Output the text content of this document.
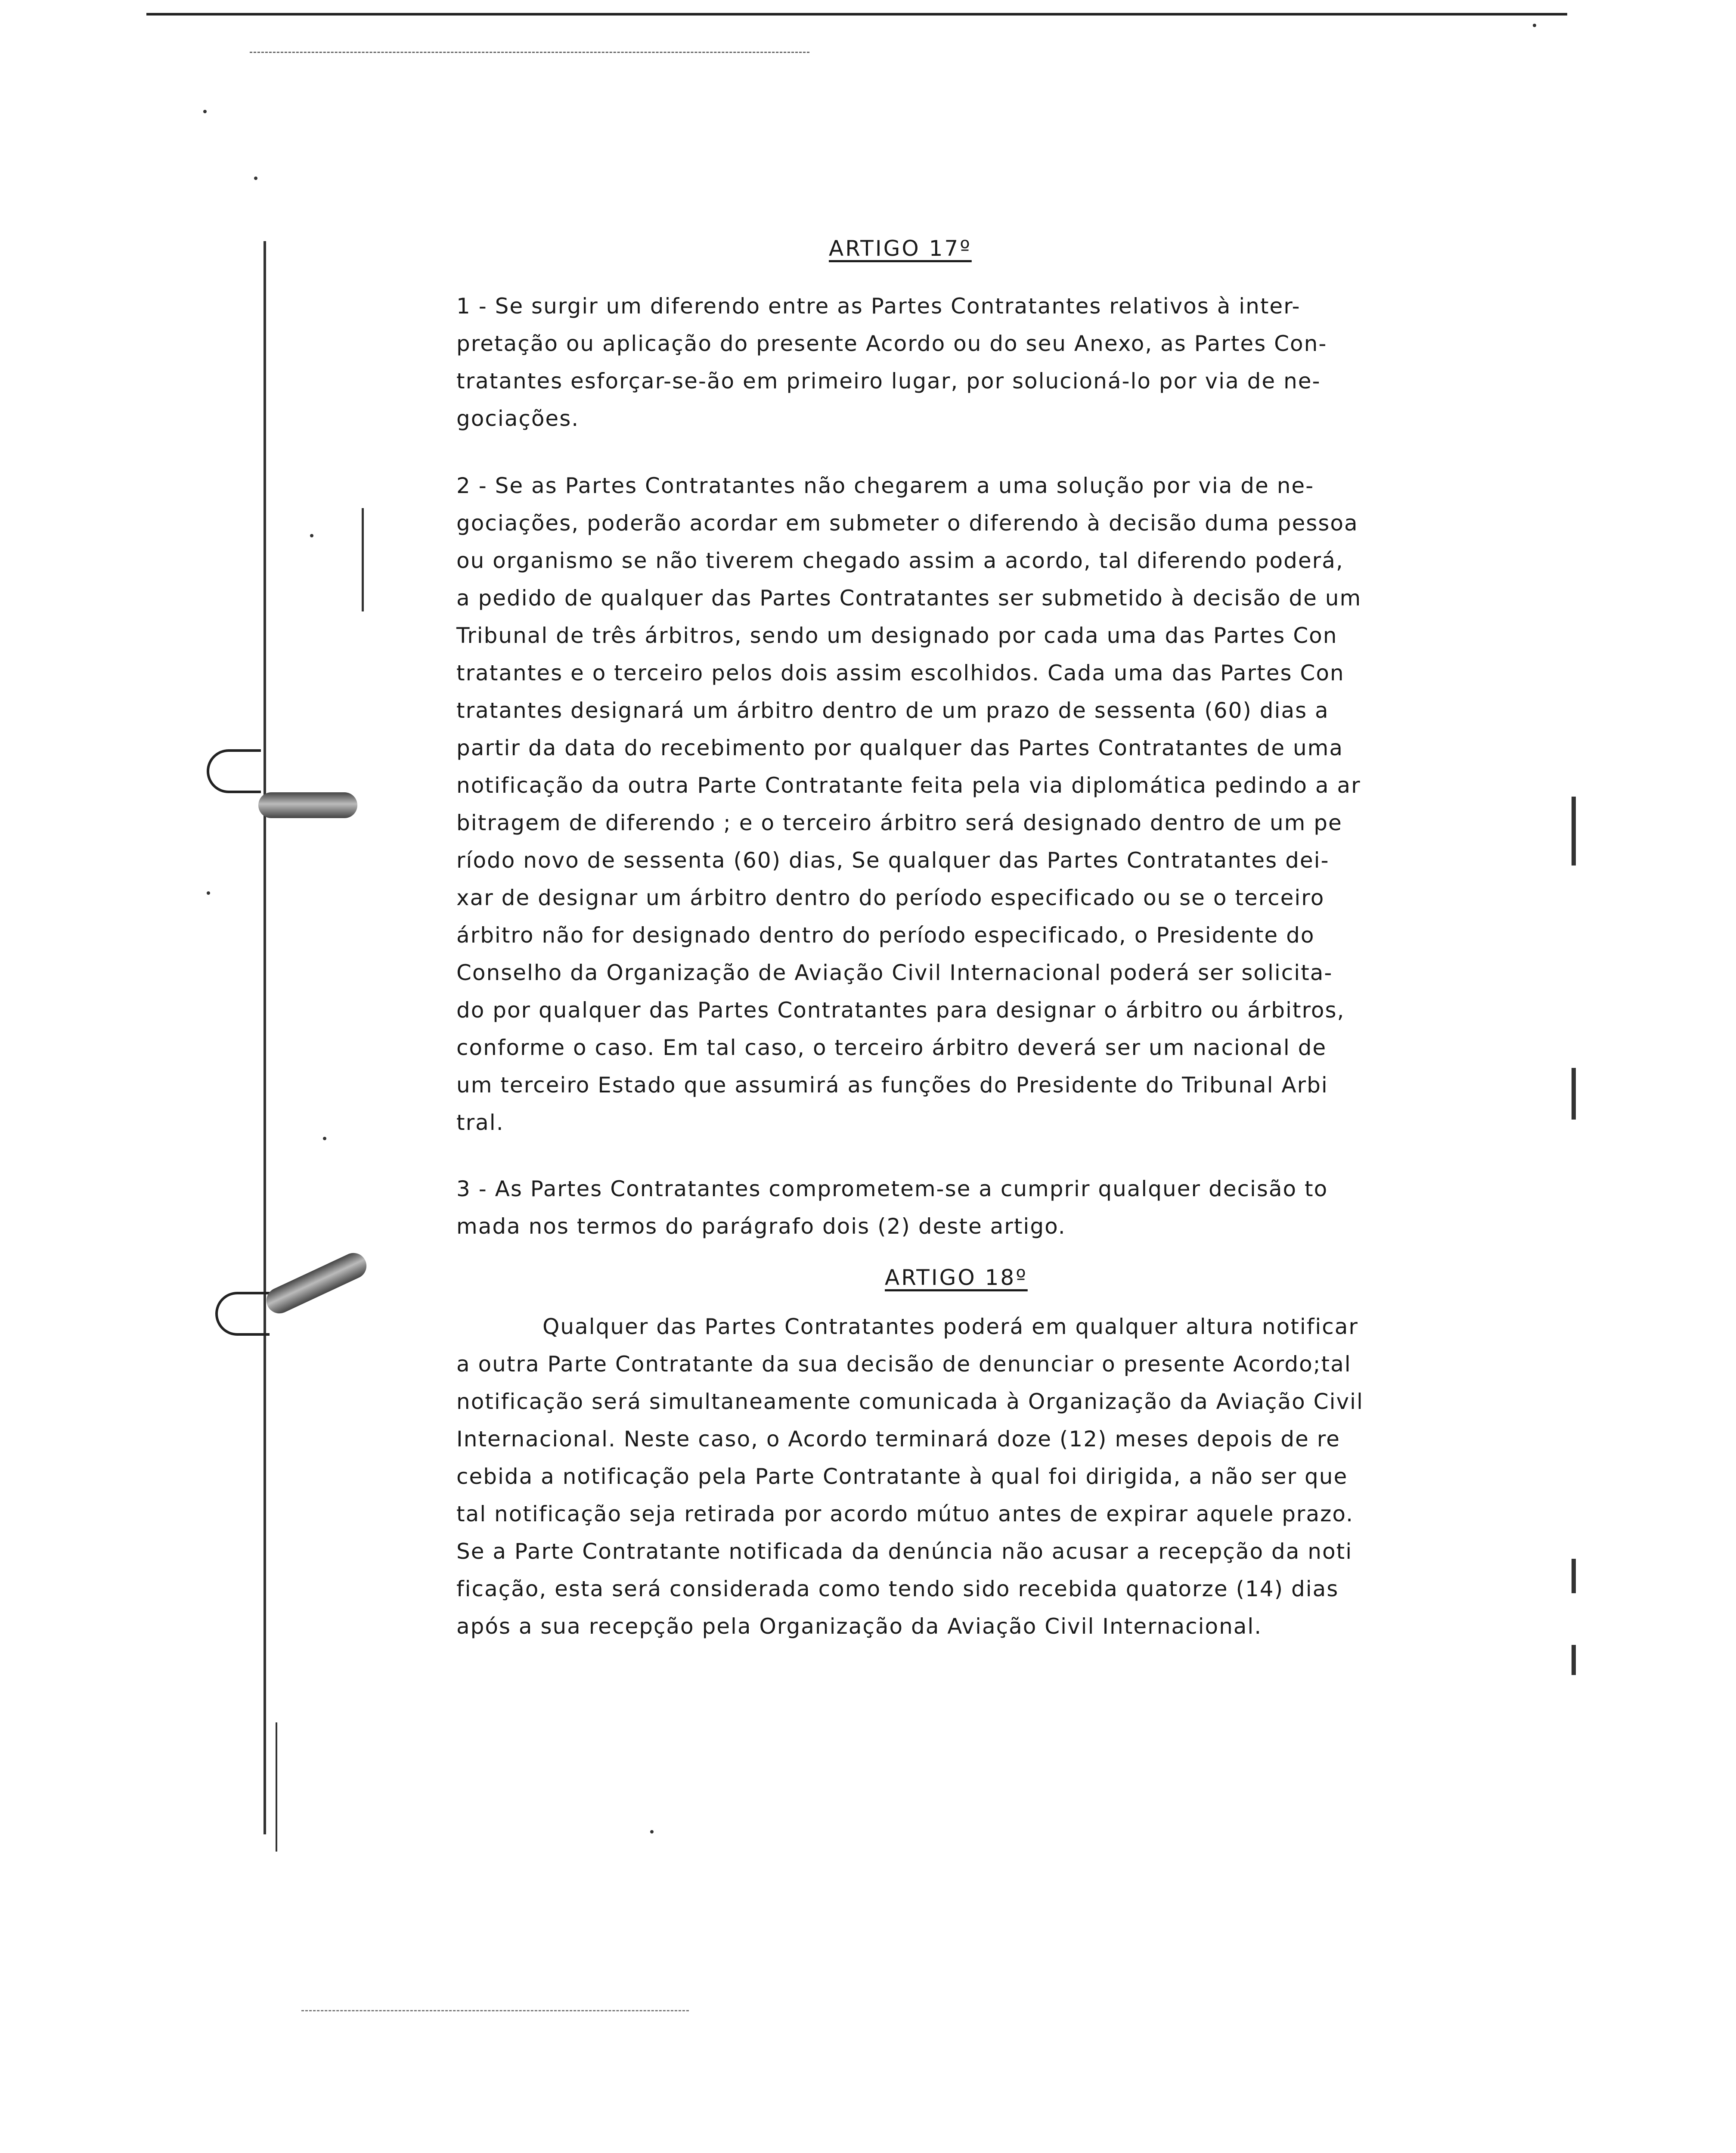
ARTIGO 17º
1 - Se surgir um diferendo entre as Partes Contratantes relativos à inter-
pretação ou aplicação do presente Acordo ou do seu Anexo, as Partes Con-
tratantes esforçar-se-ão em primeiro lugar, por solucioná-lo por via de ne-
gociações.
2 - Se as Partes Contratantes não chegarem a uma solução por via de ne-
gociações, poderão acordar em submeter o diferendo à decisão duma pessoa
ou organismo se não tiverem chegado assim a acordo, tal diferendo poderá,
a pedido de qualquer das Partes Contratantes ser submetido à decisão de um
Tribunal de três árbitros, sendo um designado por cada uma das Partes Con
tratantes e o terceiro pelos dois assim escolhidos. Cada uma das Partes Con
tratantes designará um árbitro dentro de um prazo de sessenta (60) dias a
partir da data do recebimento por qualquer das Partes Contratantes de uma
notificação da outra Parte Contratante feita pela via diplomática pedindo a ar
bitragem de diferendo ; e o terceiro árbitro será designado dentro de um pe
ríodo novo de sessenta (60) dias, Se qualquer das Partes Contratantes dei-
xar de designar um árbitro dentro do período especificado ou se o terceiro
árbitro não for designado dentro do período especificado, o Presidente do
Conselho da Organização de Aviação Civil Internacional poderá ser solicita-
do por qualquer das Partes Contratantes para designar o árbitro ou árbitros,
conforme o caso. Em tal caso, o terceiro árbitro deverá ser um nacional de
um terceiro Estado que assumirá as funções do Presidente do Tribunal Arbi
tral.
3 - As Partes Contratantes comprometem-se a cumprir qualquer decisão to
mada nos termos do parágrafo dois (2) deste artigo.
ARTIGO 18º
Qualquer das Partes Contratantes poderá em qualquer altura notificar
a outra Parte Contratante da sua decisão de denunciar o presente Acordo;tal
notificação será simultaneamente comunicada à Organização da Aviação Civil
Internacional. Neste caso, o Acordo terminará doze (12) meses depois de re
cebida a notificação pela Parte Contratante à qual foi dirigida, a não ser que
tal notificação seja retirada por acordo mútuo antes de expirar aquele prazo.
Se a Parte Contratante notificada da denúncia não acusar a recepção da noti
ficação, esta será considerada como tendo sido recebida quatorze (14) dias
após a sua recepção pela Organização da Aviação Civil Internacional.
